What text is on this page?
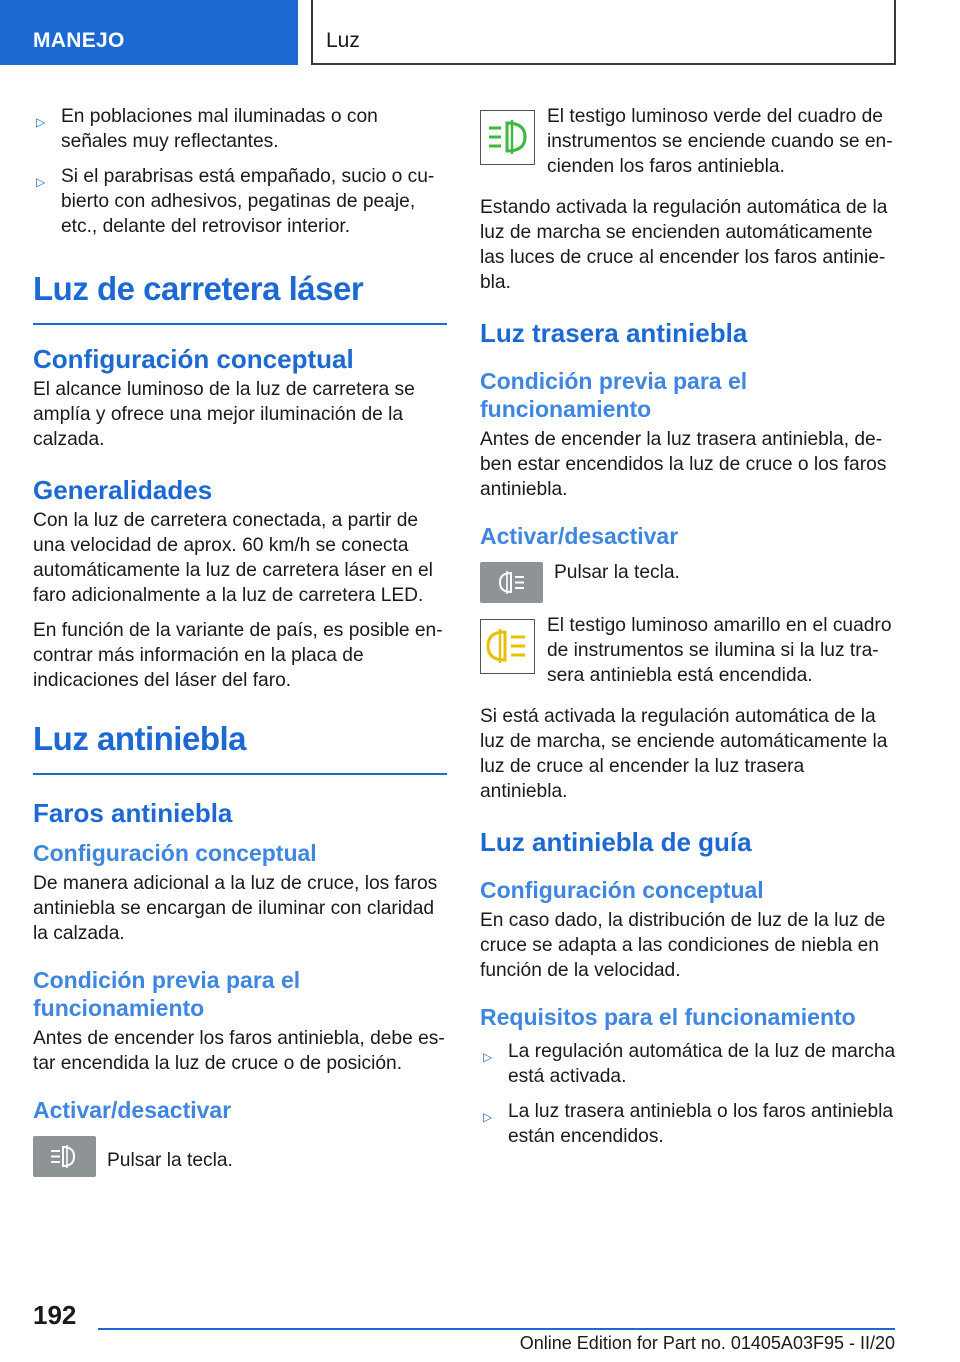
MANEJO	Luz
▷ En poblaciones mal iluminadas o con señales muy reflectantes.
▷ Si el parabrisas está empañado, sucio o cubierto con adhesivos, pegatinas de peaje, etc., delante del retrovisor interior.
Luz de carretera láser
Configuración conceptual

El alcance luminoso de la luz de carretera se amplía y ofrece una mejor iluminación de la calzada.

Generalidades

Con la luz de carretera conectada, a partir de una velocidad de aprox. 60 km/h se conecta automáticamente la luz de carretera láser en el faro adicionalmente a la luz de carretera LED.

En función de la variante de país, es posible encontrar más información en la placa de indicaciones del láser del faro.

Luz antiniebla
Faros antiniebla
Configuración conceptual

De manera adicional a la luz de cruce, los faros antiniebla se encargan de iluminar con claridad la calzada.

Condición previa para el funcionamiento

Antes de encender los faros antiniebla, debe estar encendida la luz de cruce o de posición.

Activar/desactivar

Pulsar la tecla.

El testigo luminoso verde del cuadro de instrumentos se enciende cuando se encienden los faros antiniebla.

Estando activada la regulación automática de la luz de marcha se encienden automáticamente las luces de cruce al encender los faros antiniebla.

Luz trasera antiniebla
Condición previa para el funcionamiento

Antes de encender la luz trasera antiniebla, deben estar encendidos la luz de cruce o los faros antiniebla.

Activar/desactivar

Pulsar la tecla.

El testigo luminoso amarillo en el cuadro de instrumentos se ilumina si la luz trasera antiniebla está encendida.

Si está activada la regulación automática de la luz de marcha, se enciende automáticamente la luz de cruce al encender la luz trasera antiniebla.

Luz antiniebla de guía
Configuración conceptual

En caso dado, la distribución de luz de la luz de cruce se adapta a las condiciones de niebla en función de la velocidad.

Requisitos para el funcionamiento
▷ La regulación automática de la luz de marcha está activada.
▷ La luz trasera antiniebla o los faros antiniebla están encendidos.
192
Online Edition for Part no. 01405A03F95 - II/20
